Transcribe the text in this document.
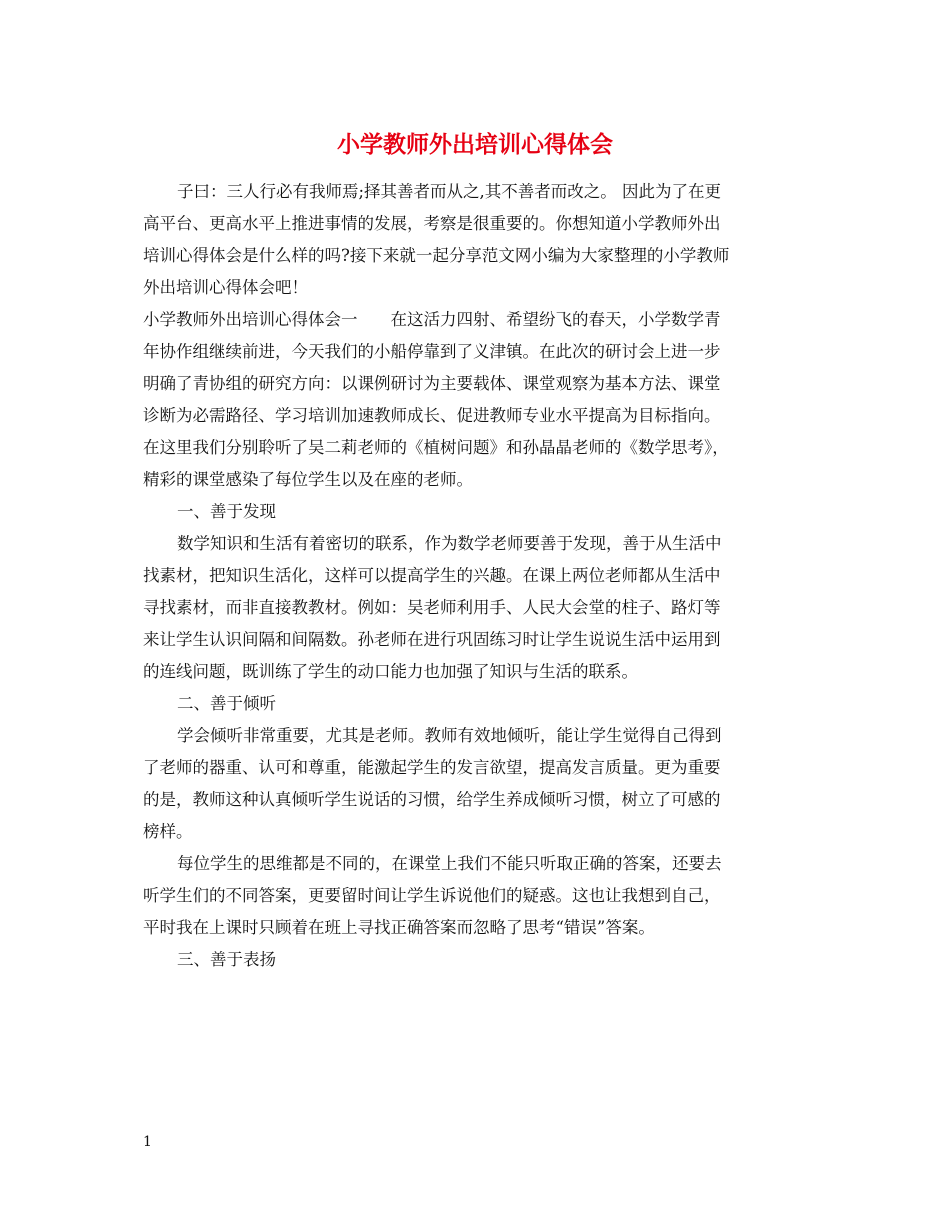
小学教师外出培训心得体会
子曰：三人行必有我师焉;择其善者而从之,其不善者而改之。 因此为了在更
高平台、更高水平上推进事情的发展，考察是很重要的。你想知道小学教师外出
培训心得体会是什么样的吗?接下来就一起分享范文网小编为大家整理的小学教师
外出培训心得体会吧！
小学教师外出培训心得体会一　　在这活力四射、希望纷飞的春天，小学数学青
年协作组继续前进，今天我们的小船停靠到了义津镇。在此次的研讨会上进一步
明确了青协组的研究方向：以课例研讨为主要载体、课堂观察为基本方法、课堂
诊断为必需路径、学习培训加速教师成长、促进教师专业水平提高为目标指向。
在这里我们分别聆听了吴二莉老师的《植树问题》和孙晶晶老师的《数学思考》，
精彩的课堂感染了每位学生以及在座的老师。
一、善于发现
数学知识和生活有着密切的联系，作为数学老师要善于发现，善于从生活中
找素材，把知识生活化，这样可以提高学生的兴趣。在课上两位老师都从生活中
寻找素材，而非直接教教材。例如：吴老师利用手、人民大会堂的柱子、路灯等
来让学生认识间隔和间隔数。孙老师在进行巩固练习时让学生说说生活中运用到
的连线问题，既训练了学生的动口能力也加强了知识与生活的联系。
二、善于倾听
学会倾听非常重要，尤其是老师。教师有效地倾听，能让学生觉得自己得到
了老师的器重、认可和尊重，能激起学生的发言欲望，提高发言质量。更为重要
的是，教师这种认真倾听学生说话的习惯，给学生养成倾听习惯，树立了可感的
榜样。
每位学生的思维都是不同的，在课堂上我们不能只听取正确的答案，还要去
听学生们的不同答案，更要留时间让学生诉说他们的疑惑。这也让我想到自己，
平时我在上课时只顾着在班上寻找正确答案而忽略了思考“错误”答案。
三、善于表扬
1
